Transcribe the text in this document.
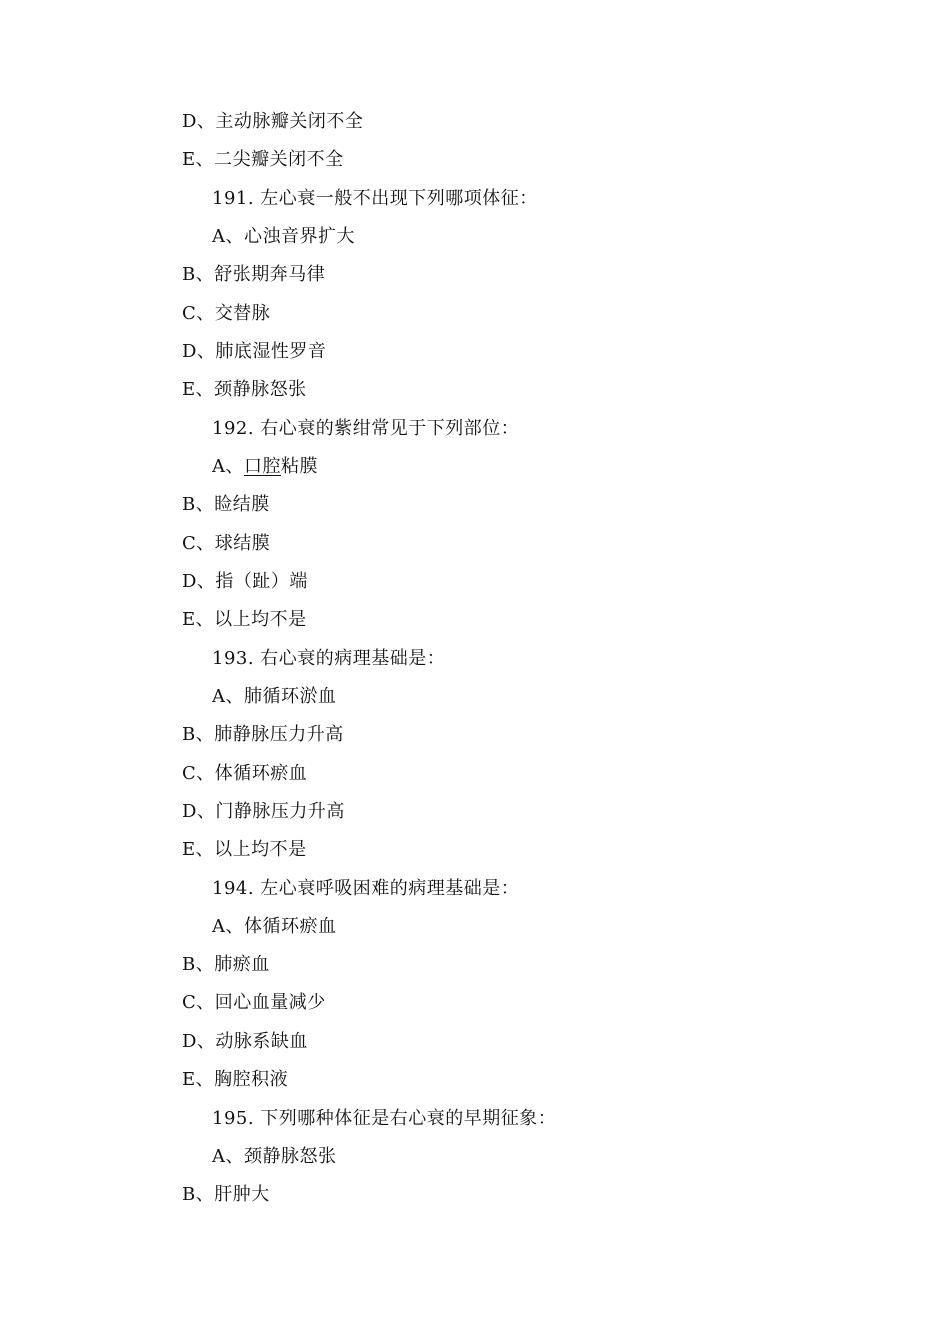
D、主动脉瓣关闭不全
E、二尖瓣关闭不全
191. 左心衰一般不出现下列哪项体征：
A、心浊音界扩大
B、舒张期奔马律
C、交替脉
D、肺底湿性罗音
E、颈静脉怒张
192. 右心衰的紫绀常见于下列部位：
A、口腔粘膜
B、睑结膜
C、球结膜
D、指（趾）端
E、以上均不是
193. 右心衰的病理基础是：
A、肺循环淤血
B、肺静脉压力升高
C、体循环瘀血
D、门静脉压力升高
E、以上均不是
194. 左心衰呼吸困难的病理基础是：
A、体循环瘀血
B、肺瘀血
C、回心血量减少
D、动脉系缺血
E、胸腔积液
195. 下列哪种体征是右心衰的早期征象：
A、颈静脉怒张
B、肝肿大
